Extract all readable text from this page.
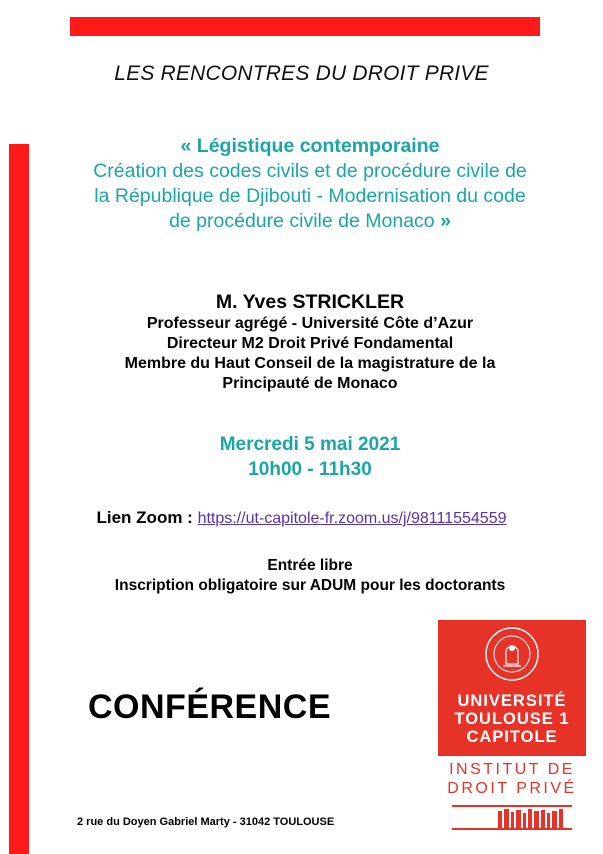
LES RENCONTRES DU DROIT PRIVE
« Légistique contemporaine
Création des codes civils et de procédure civile de
la République de Djibouti - Modernisation du code
de procédure civile de Monaco »
M. Yves STRICKLER
Professeur agrégé - Université Côte d’Azur
Directeur M2 Droit Privé Fondamental
Membre du Haut Conseil de la magistrature de la
Principauté de Monaco
Mercredi 5 mai 2021
10h00 - 11h30
Lien Zoom : https://ut-capitole-fr.zoom.us/j/98111554559
Entrée libre
Inscription obligatoire sur ADUM pour les doctorants
CONFÉRENCE
2 rue du Doyen Gabriel Marty - 31042 TOULOUSE
UNIVERSITÉ
TOULOUSE 1
CAPITOLE
INSTITUT DE
DROIT PRIVÉ
